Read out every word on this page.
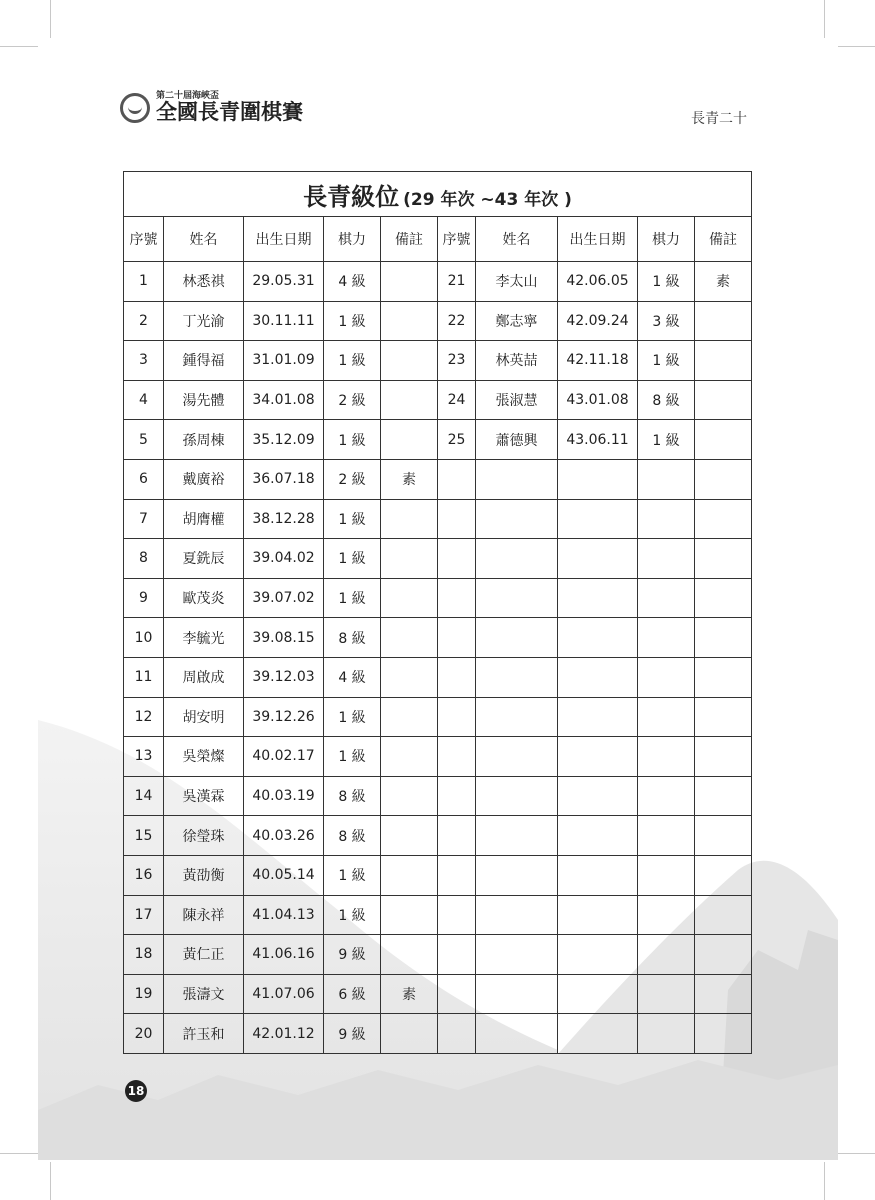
第二十屆海峽盃
全國長青圍棋賽	長青二十
長青級位 (29 年次 ~43 年次 )									
序號	姓名	出生日期	棋力	備註	序號	姓名	出生日期	棋力	備註
1	林悉祺	29.05.31	4 級		21	李太山	42.06.05	1 級	素
2	丁光渝	30.11.11	1 級		22	鄭志寧	42.09.24	3 級	
3	鍾得福	31.01.09	1 級		23	林英喆	42.11.18	1 級	
4	湯先體	34.01.08	2 級		24	張淑慧	43.01.08	8 級	
5	孫周棟	35.12.09	1 級		25	蕭德興	43.06.11	1 級	
6	戴廣裕	36.07.18	2 級	素					
7	胡膺權	38.12.28	1 級						
8	夏銑辰	39.04.02	1 級						
9	歐茂炎	39.07.02	1 級						
10	李毓光	39.08.15	8 級						
11	周啟成	39.12.03	4 級						
12	胡安明	39.12.26	1 級						
13	吳榮燦	40.02.17	1 級						
14	吳漢霖	40.03.19	8 級						
15	徐瑩珠	40.03.26	8 級						
16	黃劭衡	40.05.14	1 級						
17	陳永祥	41.04.13	1 級						
18	黃仁正	41.06.16	9 級						
19	張濤文	41.07.06	6 級	素					
20	許玉和	42.01.12	9 級						
18
